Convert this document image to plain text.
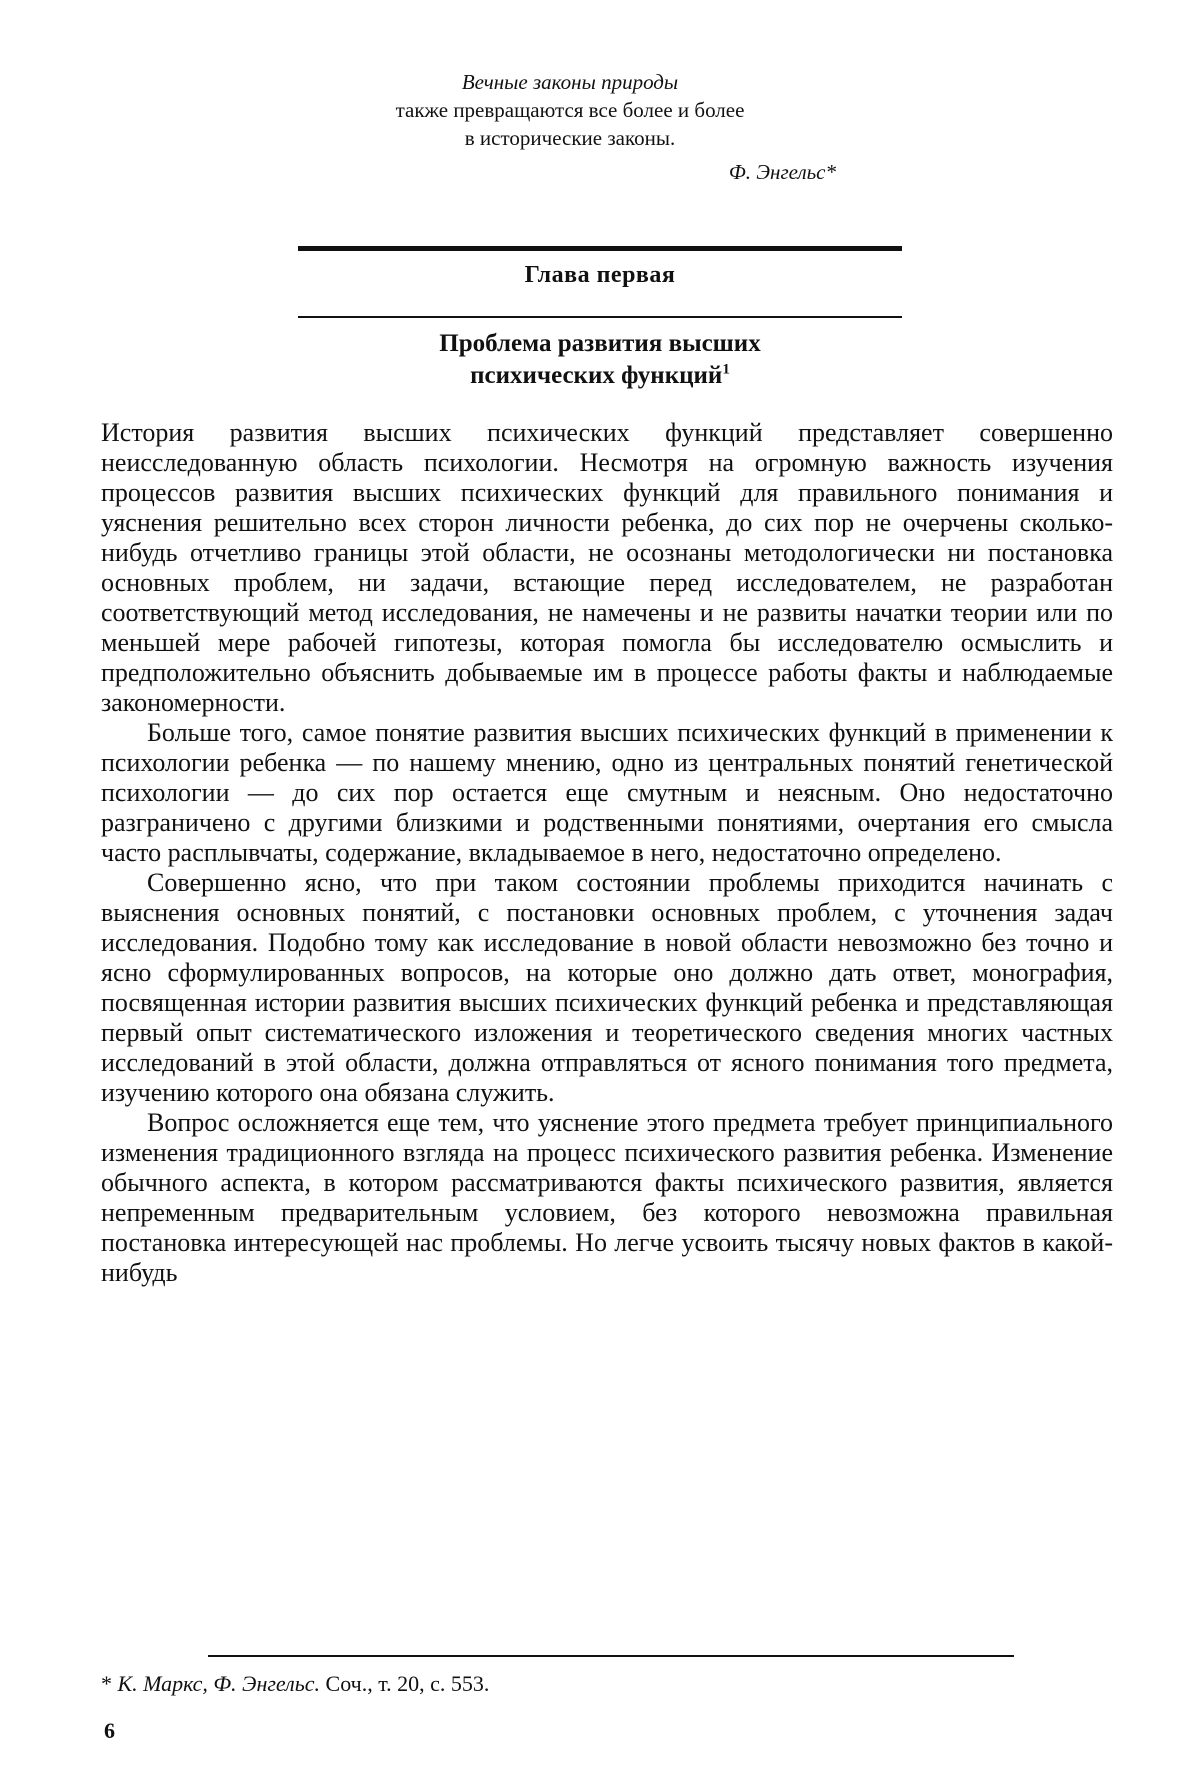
Вечные законы природы
также превращаются все более и более
в исторические законы.
Ф. Энгельс*
Глава первая
Проблема развития высших
психических функций$^1$

История развития высших психических функций представляет совершенно неисследованную область психологии. Несмотря на огромную важность изучения процессов развития высших психических функций для правильного понимания и уяснения решительно всех сторон личности ребенка, до сих пор не очерчены сколько-нибудь отчетливо границы этой области, не осознаны методологически ни постановка основных проблем, ни задачи, встающие перед исследователем, не разработан соответствующий метод исследования, не намечены и не развиты начатки теории или по меньшей мере рабочей гипотезы, которая помогла бы исследователю осмыслить и предположительно объяснить добываемые им в процессе работы факты и наблюдаемые закономерности.

Больше того, самое понятие развития высших психических функций в применении к психологии ребенка — по нашему мнению, одно из центральных понятий генетической психологии — до сих пор остается еще смутным и неясным. Оно недостаточно разграничено с другими близкими и родственными понятиями, очертания его смысла часто расплывчаты, содержание, вкладываемое в него, недостаточно определено.

Совершенно ясно, что при таком состоянии проблемы приходится начинать с выяснения основных понятий, с постановки основных проблем, с уточнения задач исследования. Подобно тому как исследование в новой области невозможно без точно и ясно сформулированных вопросов, на которые оно должно дать ответ, монография, посвященная истории развития высших психических функций ребенка и представляющая первый опыт систематического изложения и теоретического сведения многих частных исследований в этой области, должна отправляться от ясного понимания того предмета, изучению которого она обязана служить.

Вопрос осложняется еще тем, что уяснение этого предмета требует принципиального изменения традиционного взгляда на процесс психического развития ребенка. Изменение обычного аспекта, в котором рассматриваются факты психического развития, является непременным предварительным условием, без которого невозможна правильная постановка интересующей нас проблемы. Но легче усвоить тысячу новых фактов в какой-нибудь

* К. Маркс, Ф. Энгельс. Соч., т. 20, с. 553.
6
